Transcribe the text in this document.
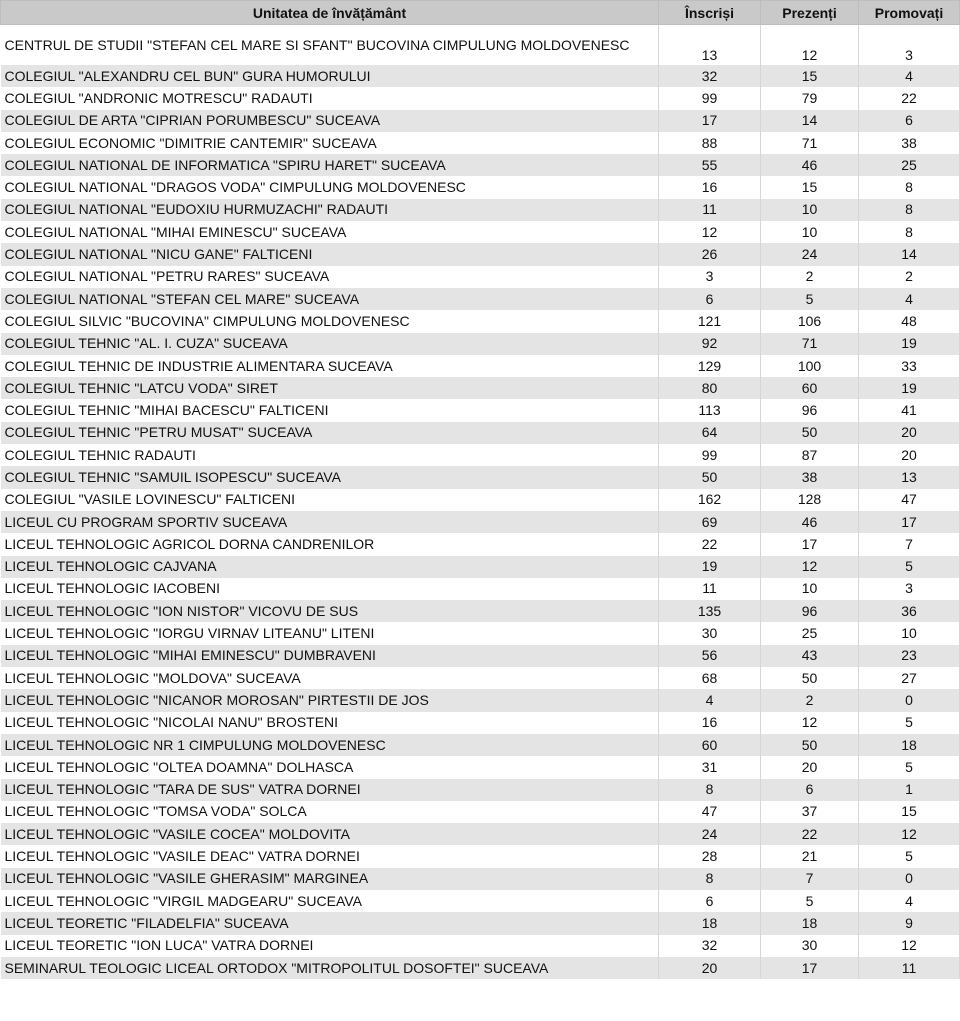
Unitatea de învățământ	Înscriși	Prezenți	Promovați
CENTRUL DE STUDII "STEFAN CEL MARE SI SFANT" BUCOVINA CIMPULUNG MOLDOVENESC	13	12	3
COLEGIUL "ALEXANDRU CEL BUN" GURA HUMORULUI	32	15	4
COLEGIUL "ANDRONIC MOTRESCU" RADAUTI	99	79	22
COLEGIUL DE ARTA "CIPRIAN PORUMBESCU" SUCEAVA	17	14	6
COLEGIUL ECONOMIC "DIMITRIE CANTEMIR" SUCEAVA	88	71	38
COLEGIUL NATIONAL DE INFORMATICA "SPIRU HARET" SUCEAVA	55	46	25
COLEGIUL NATIONAL "DRAGOS VODA" CIMPULUNG MOLDOVENESC	16	15	8
COLEGIUL NATIONAL "EUDOXIU HURMUZACHI" RADAUTI	11	10	8
COLEGIUL NATIONAL "MIHAI EMINESCU" SUCEAVA	12	10	8
COLEGIUL NATIONAL "NICU GANE" FALTICENI	26	24	14
COLEGIUL NATIONAL "PETRU RARES" SUCEAVA	3	2	2
COLEGIUL NATIONAL "STEFAN CEL MARE" SUCEAVA	6	5	4
COLEGIUL SILVIC "BUCOVINA" CIMPULUNG MOLDOVENESC	121	106	48
COLEGIUL TEHNIC "AL. I. CUZA" SUCEAVA	92	71	19
COLEGIUL TEHNIC DE INDUSTRIE ALIMENTARA SUCEAVA	129	100	33
COLEGIUL TEHNIC "LATCU VODA" SIRET	80	60	19
COLEGIUL TEHNIC "MIHAI BACESCU" FALTICENI	113	96	41
COLEGIUL TEHNIC "PETRU MUSAT" SUCEAVA	64	50	20
COLEGIUL TEHNIC RADAUTI	99	87	20
COLEGIUL TEHNIC "SAMUIL ISOPESCU" SUCEAVA	50	38	13
COLEGIUL "VASILE LOVINESCU" FALTICENI	162	128	47
LICEUL CU PROGRAM SPORTIV SUCEAVA	69	46	17
LICEUL TEHNOLOGIC AGRICOL DORNA CANDRENILOR	22	17	7
LICEUL TEHNOLOGIC CAJVANA	19	12	5
LICEUL TEHNOLOGIC IACOBENI	11	10	3
LICEUL TEHNOLOGIC "ION NISTOR" VICOVU DE SUS	135	96	36
LICEUL TEHNOLOGIC "IORGU VIRNAV LITEANU" LITENI	30	25	10
LICEUL TEHNOLOGIC "MIHAI EMINESCU" DUMBRAVENI	56	43	23
LICEUL TEHNOLOGIC "MOLDOVA" SUCEAVA	68	50	27
LICEUL TEHNOLOGIC "NICANOR MOROSAN" PIRTESTII DE JOS	4	2	0
LICEUL TEHNOLOGIC "NICOLAI NANU" BROSTENI	16	12	5
LICEUL TEHNOLOGIC NR 1 CIMPULUNG MOLDOVENESC	60	50	18
LICEUL TEHNOLOGIC "OLTEA DOAMNA" DOLHASCA	31	20	5
LICEUL TEHNOLOGIC "TARA DE SUS" VATRA DORNEI	8	6	1
LICEUL TEHNOLOGIC "TOMSA VODA" SOLCA	47	37	15
LICEUL TEHNOLOGIC "VASILE COCEA" MOLDOVITA	24	22	12
LICEUL TEHNOLOGIC "VASILE DEAC" VATRA DORNEI	28	21	5
LICEUL TEHNOLOGIC "VASILE GHERASIM" MARGINEA	8	7	0
LICEUL TEHNOLOGIC "VIRGIL MADGEARU" SUCEAVA	6	5	4
LICEUL TEORETIC "FILADELFIA" SUCEAVA	18	18	9
LICEUL TEORETIC "ION LUCA" VATRA DORNEI	32	30	12
SEMINARUL TEOLOGIC LICEAL ORTODOX "MITROPOLITUL DOSOFTEI" SUCEAVA	20	17	11
